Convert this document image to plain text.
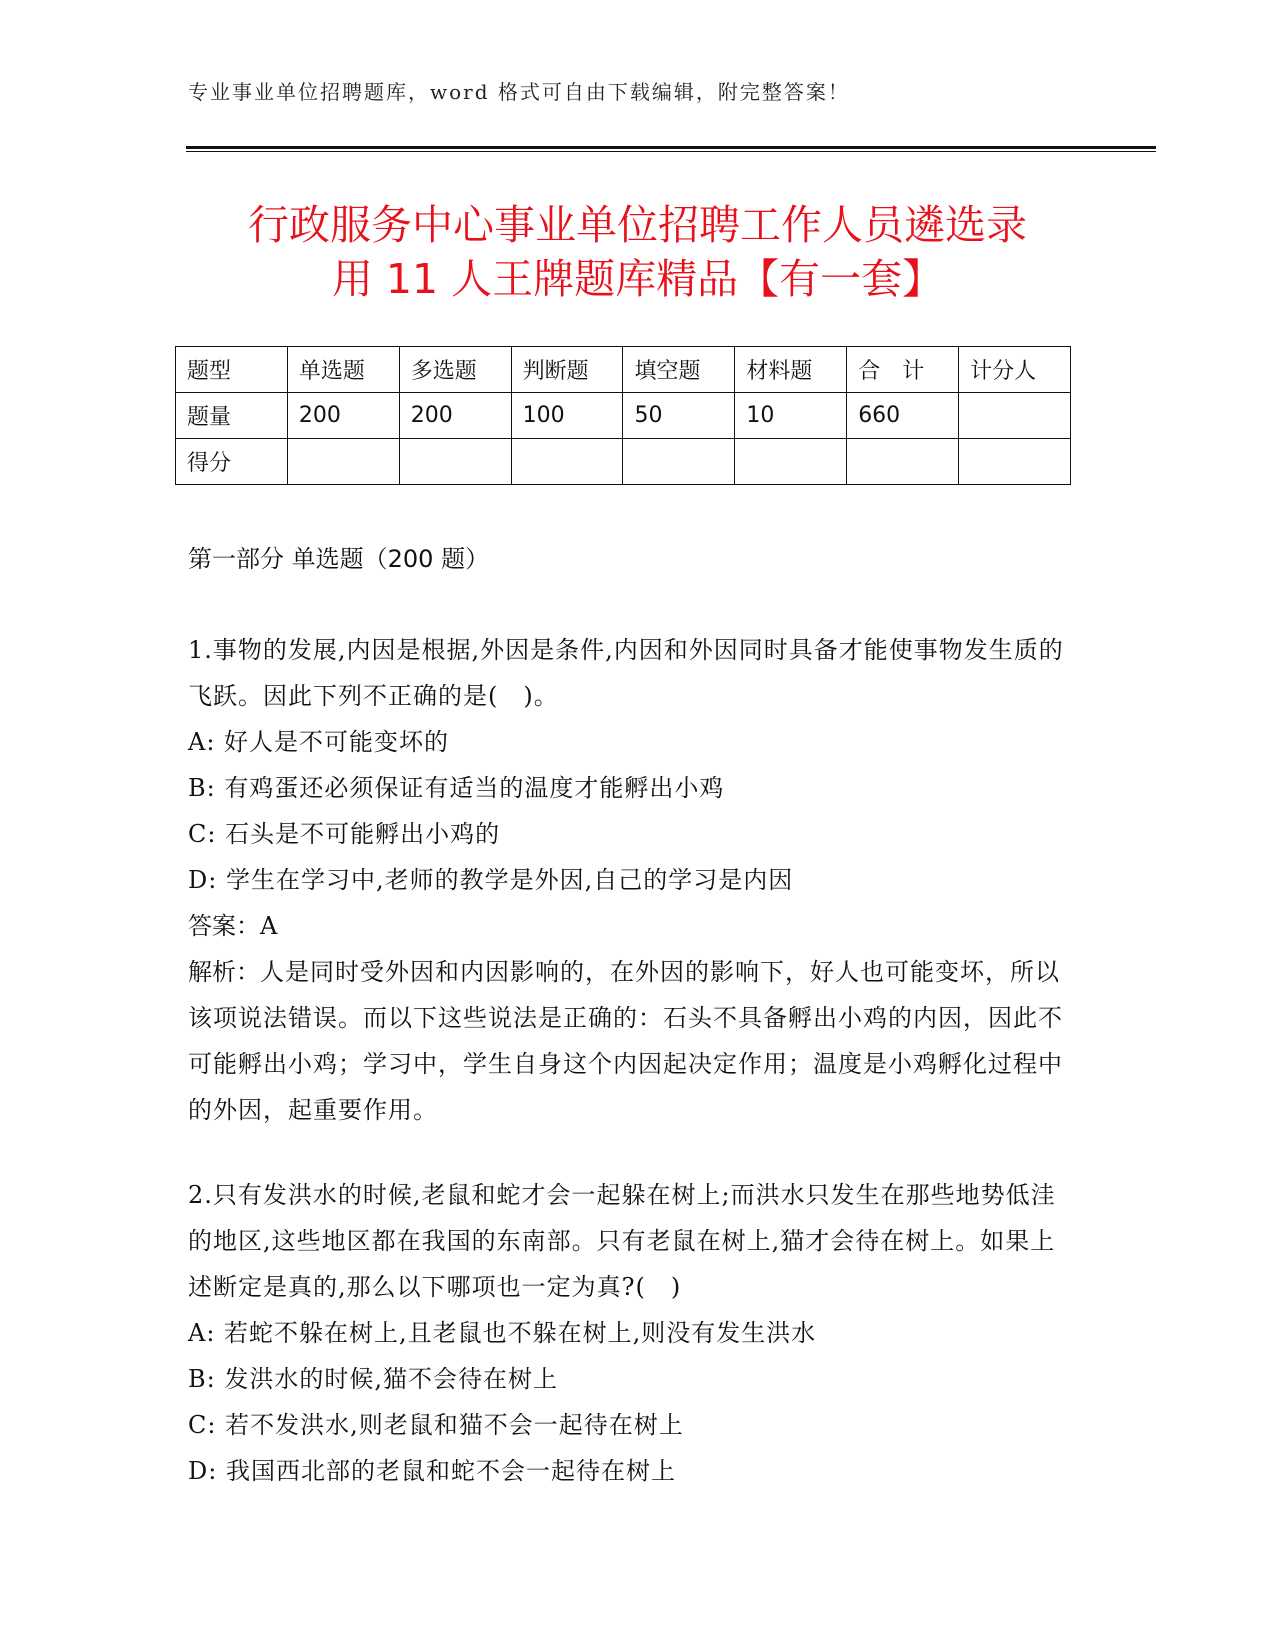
专业事业单位招聘题库，word 格式可自由下载编辑，附完整答案！
行政服务中心事业单位招聘工作人员遴选录
用 11 人王牌题库精品【有一套】
题型	单选题	多选题	判断题	填空题	材料题	合　计	计分人
题量	200	200	100	50	10	660	
得分							
第一部分 单选题（200 题）

1.事物的发展,内因是根据,外因是条件,内因和外因同时具备才能使事物发生质的飞跃。因此下列不正确的是(　)。

A: 好人是不可能变坏的

B: 有鸡蛋还必须保证有适当的温度才能孵出小鸡

C: 石头是不可能孵出小鸡的

D: 学生在学习中,老师的教学是外因,自己的学习是内因

答案：A

解析：人是同时受外因和内因影响的，在外因的影响下，好人也可能变坏，所以该项说法错误。而以下这些说法是正确的：石头不具备孵出小鸡的内因，因此不可能孵出小鸡；学习中，学生自身这个内因起决定作用；温度是小鸡孵化过程中的外因，起重要作用。

2.只有发洪水的时候,老鼠和蛇才会一起躲在树上;而洪水只发生在那些地势低洼的地区,这些地区都在我国的东南部。只有老鼠在树上,猫才会待在树上。如果上述断定是真的,那么以下哪项也一定为真?(　)

A: 若蛇不躲在树上,且老鼠也不躲在树上,则没有发生洪水

B: 发洪水的时候,猫不会待在树上

C: 若不发洪水,则老鼠和猫不会一起待在树上

D: 我国西北部的老鼠和蛇不会一起待在树上
